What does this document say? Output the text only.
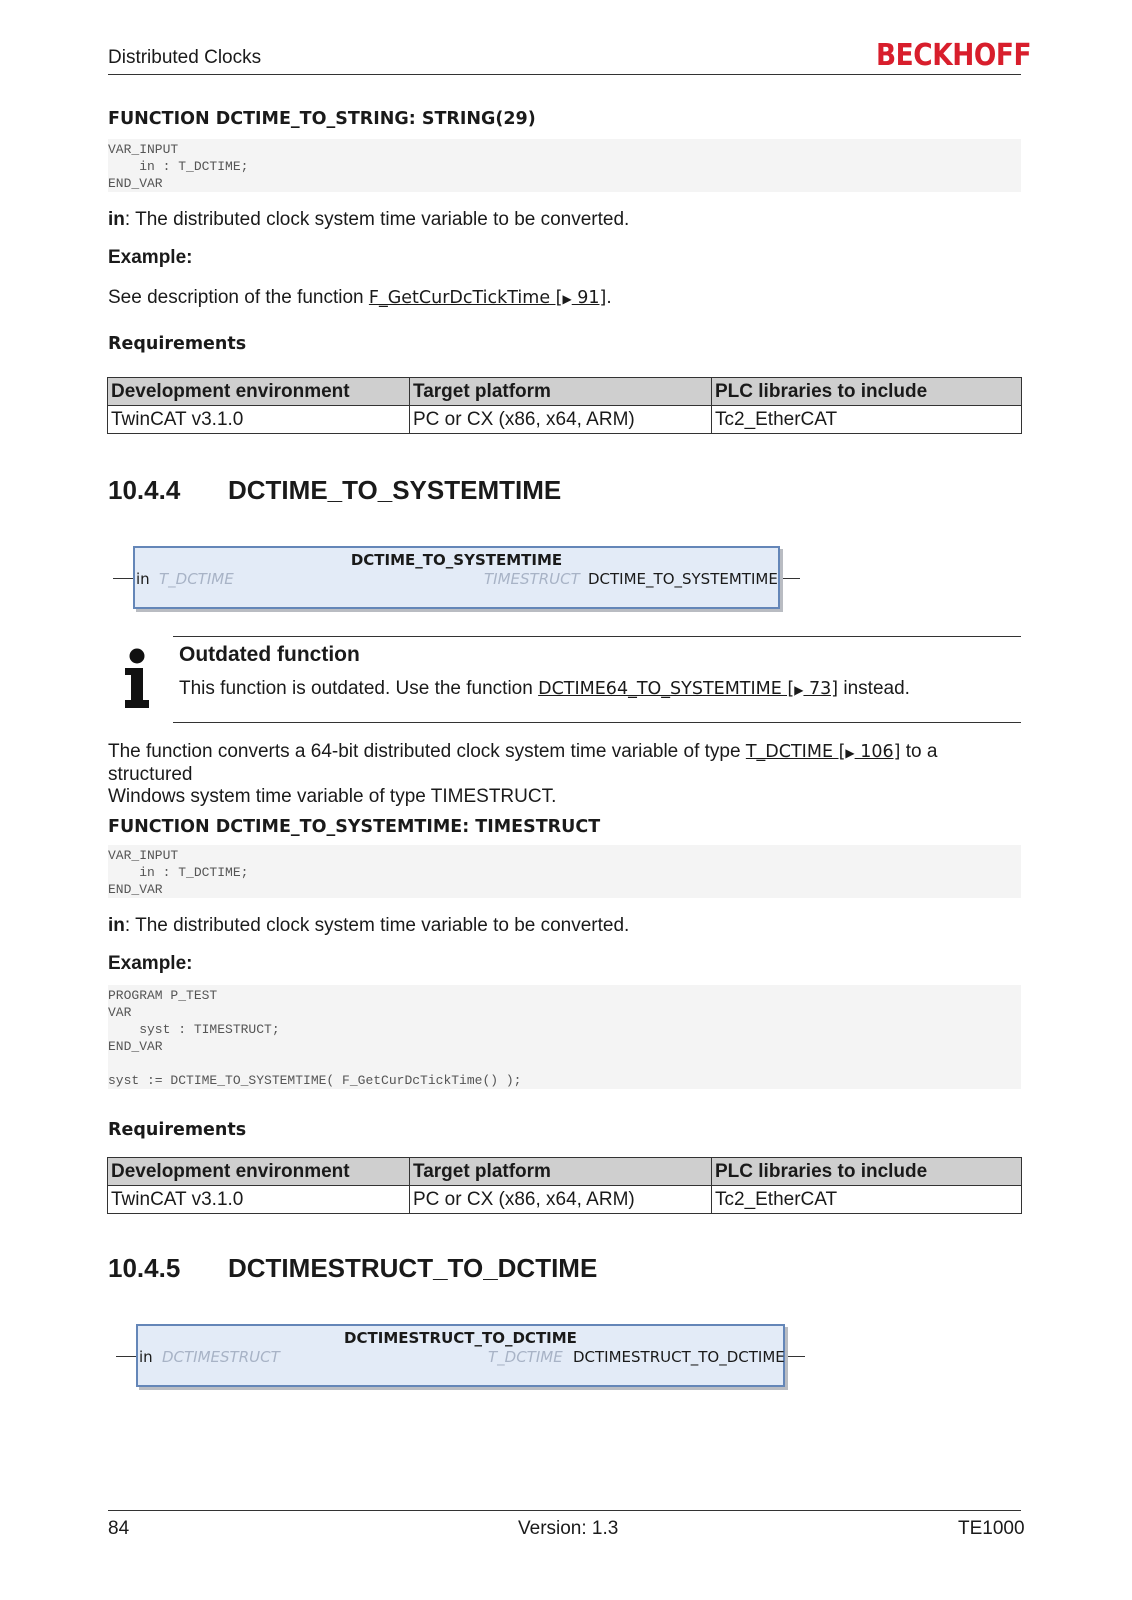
Distributed Clocks	BECKHOFF
FUNCTION DCTIME_TO_STRING: STRING(29)
VAR_INPUT
in : T_DCTIME;
END_VAR
in: The distributed clock system time variable to be converted.
Example:
See description of the function F_GetCurDcTickTime [▶ 91].
Requirements
Development environment	Target platform	PLC libraries to include
TwinCAT v3.1.0	PC or CX (x86, x64, ARM)	Tc2_EtherCAT
10.4.4 DCTIME_TO_SYSTEMTIME
DCTIME_TO_SYSTEMTIME
in T_DCTIME	TIMESTRUCT DCTIME_TO_SYSTEMTIME
Outdated function
This function is outdated. Use the function DCTIME64_TO_SYSTEMTIME [▶ 73] instead.
The function converts a 64-bit distributed clock system time variable of type T_DCTIME [▶ 106] to a structured
Windows system time variable of type TIMESTRUCT.
FUNCTION DCTIME_TO_SYSTEMTIME: TIMESTRUCT
VAR_INPUT
in : T_DCTIME;
END_VAR
in: The distributed clock system time variable to be converted.
Example:
PROGRAM P_TEST
VAR
syst : TIMESTRUCT;
END_VAR

syst := DCTIME_TO_SYSTEMTIME( F_GetCurDcTickTime() );
Requirements
Development environment	Target platform	PLC libraries to include
TwinCAT v3.1.0	PC or CX (x86, x64, ARM)	Tc2_EtherCAT
10.4.5 DCTIMESTRUCT_TO_DCTIME
DCTIMESTRUCT_TO_DCTIME
in DCTIMESTRUCT	T_DCTIME DCTIMESTRUCT_TO_DCTIME
84	Version: 1.3	TE1000
